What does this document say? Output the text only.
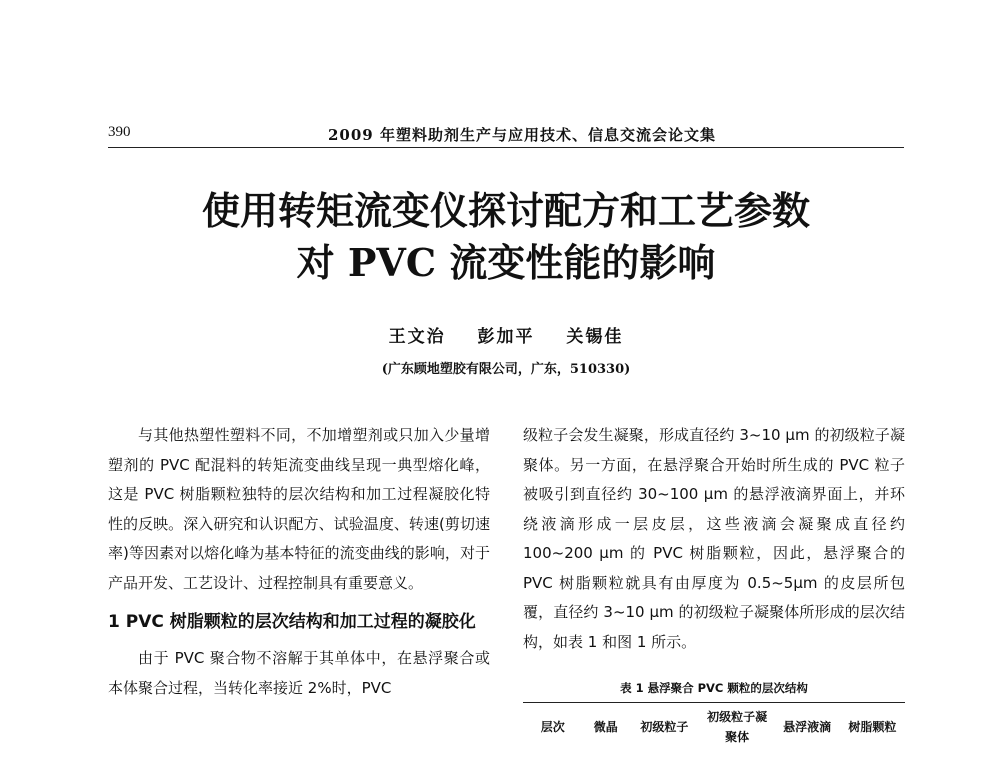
390	2009 年塑料助剂生产与应用技术、信息交流会论文集
使用转矩流变仪探讨配方和工艺参数
对 PVC 流变性能的影响
王文治 彭加平 关锡佳
(广东顾地塑胶有限公司，广东，510330)

与其他热塑性塑料不同，不加增塑剂或只加入少量增塑剂的 PVC 配混料的转矩流变曲线呈现一典型熔化峰，这是 PVC 树脂颗粒独特的层次结构和加工过程凝胶化特性的反映。深入研究和认识配方、试验温度、转速(剪切速率)等因素对以熔化峰为基本特征的流变曲线的影响，对于产品开发、工艺设计、过程控制具有重要意义。

1 PVC 树脂颗粒的层次结构和加工过程的凝胶化

由于 PVC 聚合物不溶解于其单体中，在悬浮聚合或本体聚合过程，当转化率接近 2%时，PVC

级粒子会发生凝聚，形成直径约 3~10 μm 的初级粒子凝聚体。另一方面，在悬浮聚合开始时所生成的 PVC 粒子被吸引到直径约 30~100 μm 的悬浮液滴界面上，并环绕液滴形成一层皮层，这些液滴会凝聚成直径约 100~200 μm 的 PVC 树脂颗粒，因此，悬浮聚合的 PVC 树脂颗粒就具有由厚度为 0.5~5μm 的皮层所包覆，直径约 3~10 μm 的初级粒子凝聚体所形成的层次结构，如表 1 和图 1 所示。

表 1 悬浮聚合 PVC 颗粒的层次结构
层次	微晶	初级粒子	初级粒子凝聚体	悬浮液滴	树脂颗粒
